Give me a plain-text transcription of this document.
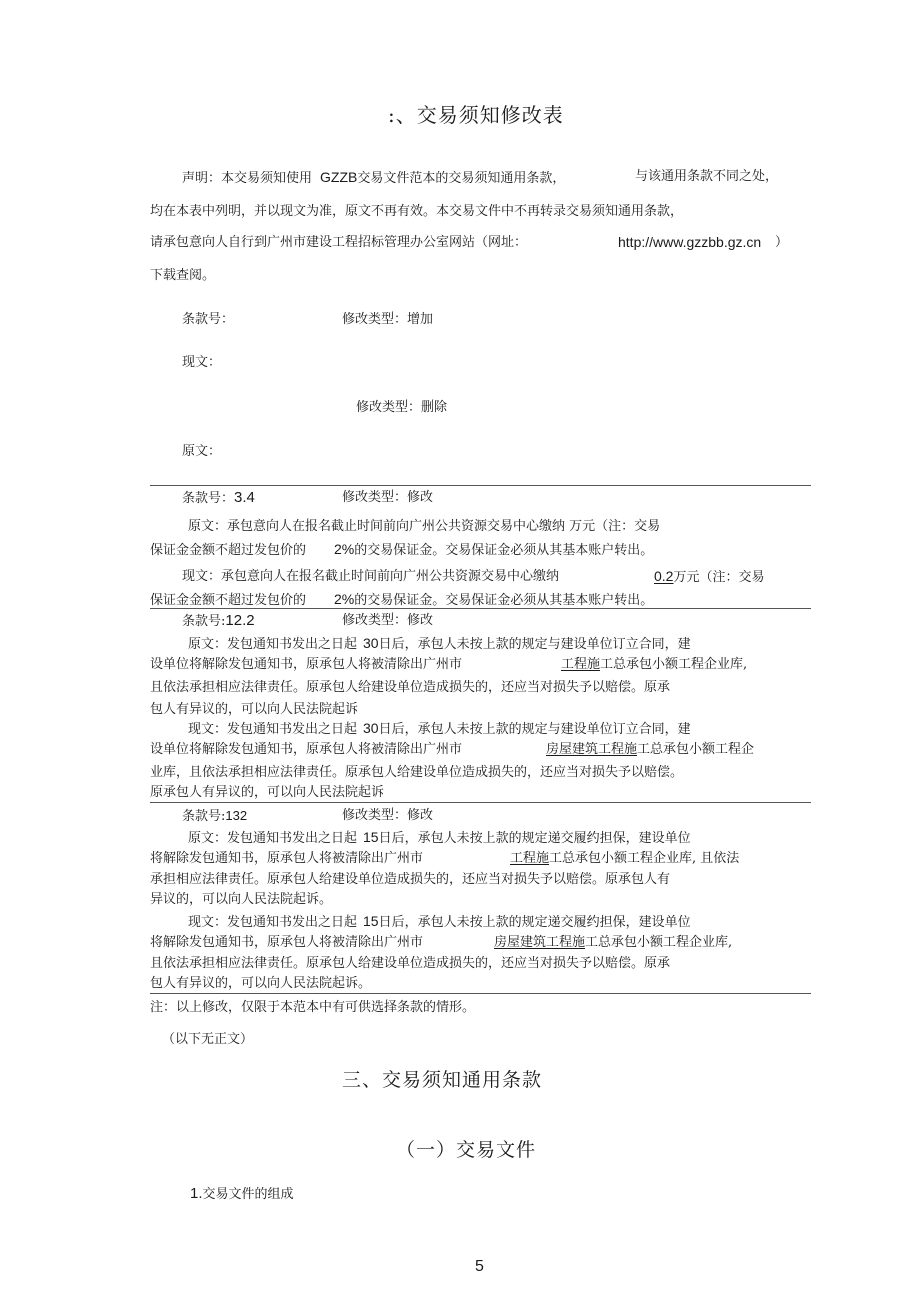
:、交易须知修改表
声明：本交易须知使用 GZZB交易文件范本的交易须知通用条款，	与该通用条款不同之处，
均在本表中列明，并以现文为准，原文不再有效。本交易文件中不再转录交易须知通用条款，
请承包意向人自行到广州市建设工程招标管理办公室网站（网址：	http://www.gzzbb.gz.cn ）
下载查阅。
条款号：	修改类型：增加
现文：
修改类型：删除
原文：
条款号：3.4	修改类型：修改
原文：承包意向人在报名截止时间前向广州公共资源交易中心缴纳 万元（注：交易
保证金金额不超过发包价的 2%的交易保证金。交易保证金必须从其基本账户转出。
现文：承包意向人在报名截止时间前向广州公共资源交易中心缴纳	0.2万元（注：交易
保证金金额不超过发包价的 2%的交易保证金。交易保证金必须从其基本账户转出。
条款号:12.2	修改类型：修改
原文：发包通知书发出之日起 30日后，承包人未按上款的规定与建设单位订立合同，建
设单位将解除发包通知书，原承包人将被清除出广州市	工程施工总承包小额工程企业库,
且依法承担相应法律责任。原承包人给建设单位造成损失的，还应当对损失予以赔偿。原承
包人有异议的，可以向人民法院起诉
现文：发包通知书发出之日起 30日后，承包人未按上款的规定与建设单位订立合同，建
设单位将解除发包通知书，原承包人将被清除出广州市	房屋建筑工程施工总承包小额工程企
业库，且依法承担相应法律责任。原承包人给建设单位造成损失的，还应当对损失予以赔偿。
原承包人有异议的，可以向人民法院起诉
条款号:132	修改类型：修改
原文：发包通知书发出之日起 15日后，承包人未按上款的规定递交履约担保，建设单位
将解除发包通知书，原承包人将被清除出广州市	工程施工总承包小额工程企业库, 且依法
承担相应法律责任。原承包人给建设单位造成损失的，还应当对损失予以赔偿。原承包人有
异议的，可以向人民法院起诉。
现文：发包通知书发出之日起 15日后，承包人未按上款的规定递交履约担保，建设单位
将解除发包通知书，原承包人将被清除出广州市	房屋建筑工程施工总承包小额工程企业库,
且依法承担相应法律责任。原承包人给建设单位造成损失的，还应当对损失予以赔偿。原承
包人有异议的，可以向人民法院起诉。
注：以上修改，仅限于本范本中有可供选择条款的情形。
（以下无正文）
三、交易须知通用条款
（一）交易文件
1.交易文件的组成
5
